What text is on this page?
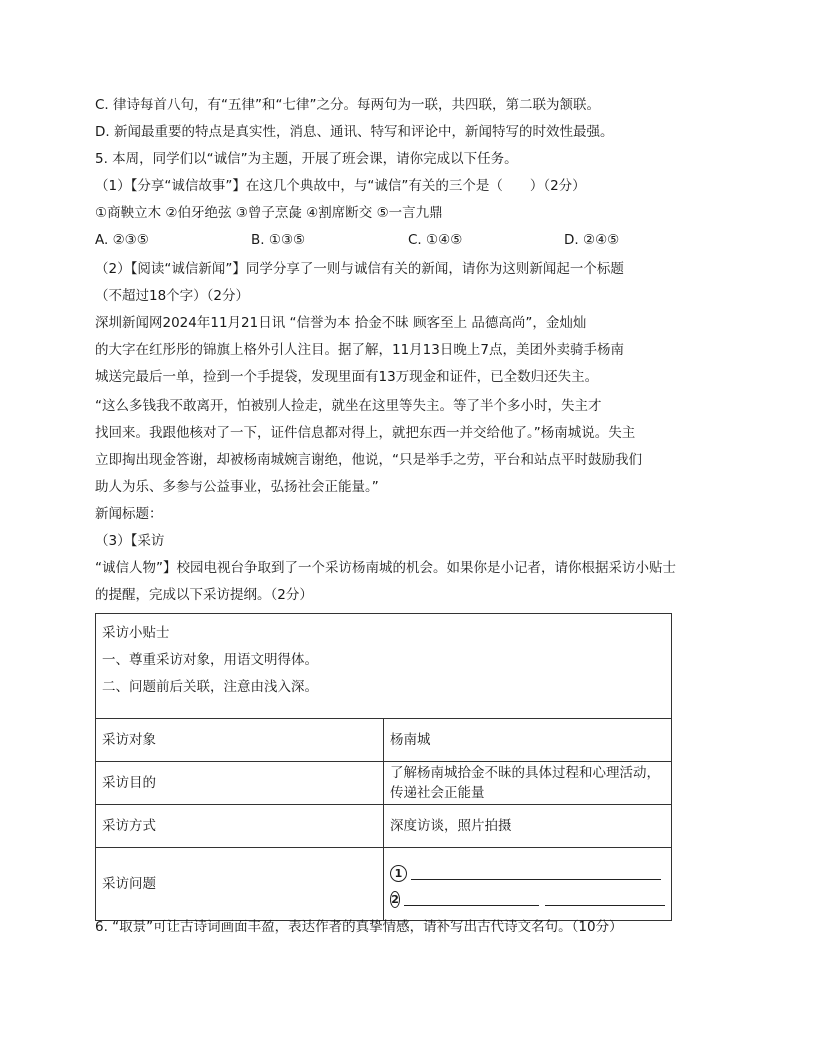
C. 律诗每首八句，有“五律”和“七律”之分。每两句为一联，共四联，第二联为颔联。
D. 新闻最重要的特点是真实性，消息、通讯、特写和评论中，新闻特写的时效性最强。
5. 本周，同学们以“诚信”为主题，开展了班会课，请你完成以下任务。
（1）【分享“诚信故事”】在这几个典故中，与“诚信”有关的三个是（　　）（2分）
①商鞅立木 ②伯牙绝弦 ③曾子烹彘 ④割席断交 ⑤一言九鼎
A. ②③⑤	B. ①③⑤	C. ①④⑤	D. ②④⑤
（2）【阅读“诚信新闻”】同学分享了一则与诚信有关的新闻，请你为这则新闻起一个标题
（不超过18个字）（2分）
深圳新闻网2024年11月21日讯 “信誉为本 拾金不昧 顾客至上 品德高尚”，金灿灿
的大字在红彤彤的锦旗上格外引人注目。据了解，11月13日晚上7点，美团外卖骑手杨南
城送完最后一单，捡到一个手提袋，发现里面有13万现金和证件，已全数归还失主。
“这么多钱我不敢离开，怕被别人捡走，就坐在这里等失主。等了半个多小时，失主才
找回来。我跟他核对了一下，证件信息都对得上，就把东西一并交给他了。”杨南城说。失主
立即掏出现金答谢，却被杨南城婉言谢绝，他说，“只是举手之劳，平台和站点平时鼓励我们
助人为乐、多参与公益事业，弘扬社会正能量。”
新闻标题：
（3）【采访
“诚信人物”】校园电视台争取到了一个采访杨南城的机会。如果你是小记者，请你根据采访小贴士
的提醒，完成以下采访提纲。（2分）
采访小贴士
一、尊重采访对象，用语文明得体。
二、问题前后关联，注意由浅入深。	

采访对象	杨南城
采访目的	了解杨南城拾金不昧的具体过程和心理活动，传递社会正能量
采访方式	深度访谈，照片拍摄
采访问题	1
2
6. “取景”可让古诗词画面丰盈，表达作者的真挚情感，请补写出古代诗文名句。（10分）
